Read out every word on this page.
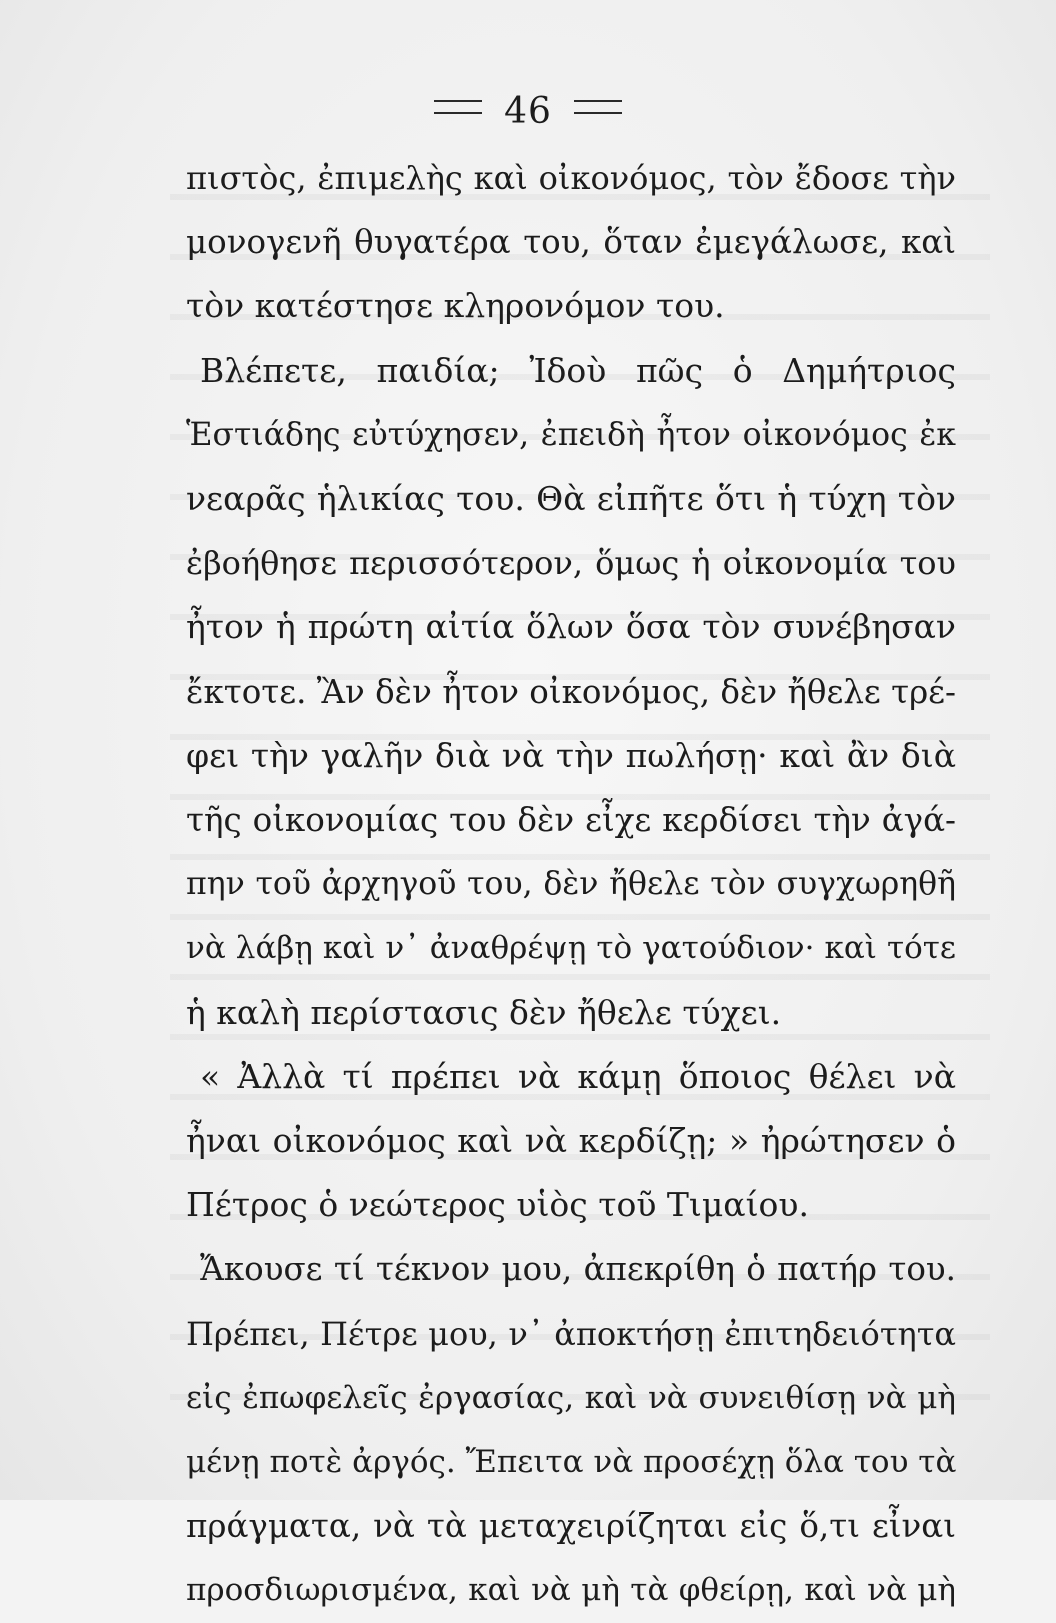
46
πιστὸς, ἐπιμελὴς καὶ οἰκονόμος, τὸν ἔδοσε τὴν
μονογενῆ θυγατέρα του, ὅταν ἐμεγάλωσε, καὶ
τὸν κατέστησε κληρονόμον του.
Βλέπετε, παιδία; Ἰδοὺ πῶς ὁ Δημήτριος
Ἑστιάδης εὐτύχησεν, ἐπειδὴ ἦτον οἰκονόμος ἐκ
νεαρᾶς ἡλικίας του. Θὰ εἰπῆτε ὅτι ἡ τύχη τὸν
ἐβοήθησε περισσότερον, ὅμως ἡ οἰκονομία του
ἦτον ἡ πρώτη αἰτία ὅλων ὅσα τὸν συνέβησαν
ἔκτοτε. Ἂν δὲν ἦτον οἰκονόμος, δὲν ἤθελε τρέ-
φει τὴν γαλῆν διὰ νὰ τὴν πωλήσῃ· καὶ ἂν διὰ
τῆς οἰκονομίας του δὲν εἶχε κερδίσει τὴν ἀγά-
πην τοῦ ἀρχηγοῦ του, δὲν ἤθελε τὸν συγχωρηθῆ
νὰ λάβῃ καὶ ν᾽ ἀναθρέψῃ τὸ γατούδιον· καὶ τότε
ἡ καλὴ περίστασις δὲν ἤθελε τύχει.
« Ἀλλὰ τί πρέπει νὰ κάμῃ ὅποιος θέλει νὰ
ἦναι οἰκονόμος καὶ νὰ κερδίζῃ; » ἠρώτησεν ὁ
Πέτρος ὁ νεώτερος υἱὸς τοῦ Τιμαίου.
Ἄκουσε τί τέκνον μου, ἀπεκρίθη ὁ πατήρ του.
Πρέπει, Πέτρε μου, ν᾽ ἀποκτήσῃ ἐπιτηδειότητα
εἰς ἐπωφελεῖς ἐργασίας, καὶ νὰ συνειθίσῃ νὰ μὴ
μένῃ ποτὲ ἀργός. Ἔπειτα νὰ προσέχῃ ὅλα του τὰ
πράγματα, νὰ τὰ μεταχειρίζηται εἰς ὅ,τι εἶναι
προσδιωρισμένα, καὶ νὰ μὴ τὰ φθείρῃ, καὶ νὰ μὴ
